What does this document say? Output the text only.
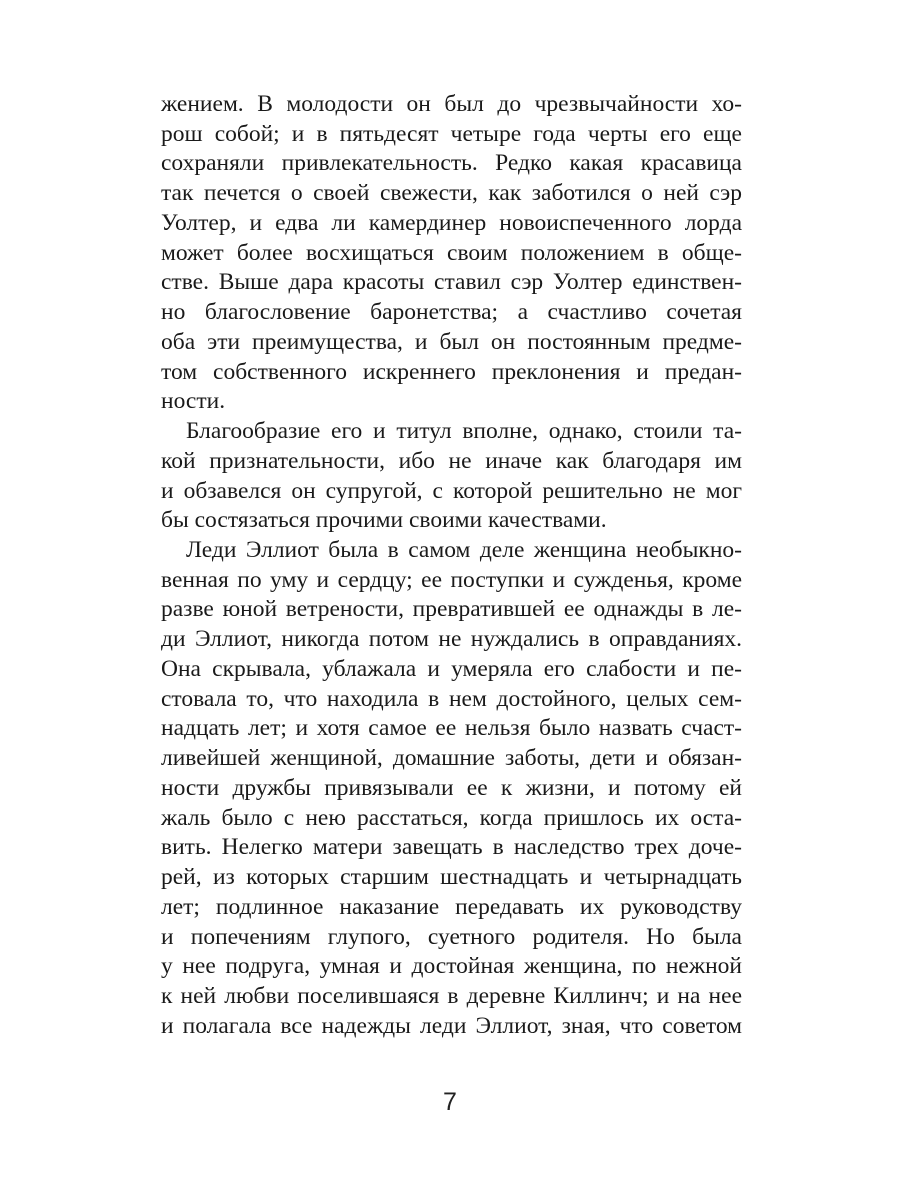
жением. В молодости он был до чрезвычайности хо-
рош собой; и в пятьдесят четыре года черты его еще
сохраняли привлекательность. Редко какая красавица
так печется о своей свежести, как заботился о ней сэр
Уолтер, и едва ли камердинер новоиспеченного лорда
может более восхищаться своим положением в обще-
стве. Выше дара красоты ставил сэр Уолтер единствен-
но благословение баронетства; а счастливо сочетая
оба эти преимущества, и был он постоянным предме-
том собственного искреннего преклонения и предан-
ности.
Благообразие его и титул вполне, однако, стоили та-
кой признательности, ибо не иначе как благодаря им
и обзавелся он супругой, с которой решительно не мог
бы состязаться прочими своими качествами.
Леди Эллиот была в самом деле женщина необыкно-
венная по уму и сердцу; ее поступки и сужденья, кроме
разве юной ветрености, превратившей ее однажды в ле-
ди Эллиот, никогда потом не нуждались в оправданиях.
Она скрывала, ублажала и умеряла его слабости и пе-
стовала то, что находила в нем достойного, целых сем-
надцать лет; и хотя самое ее нельзя было назвать счаст-
ливейшей женщиной, домашние заботы, дети и обязан-
ности дружбы привязывали ее к жизни, и потому ей
жаль было с нею расстаться, когда пришлось их оста-
вить. Нелегко матери завещать в наследство трех доче-
рей, из которых старшим шестнадцать и четырнадцать
лет; подлинное наказание передавать их руководству
и попечениям глупого, суетного родителя. Но была
у нее подруга, умная и достойная женщина, по нежной
к ней любви поселившаяся в деревне Киллинч; и на нее
и полагала все надежды леди Эллиот, зная, что советом
7
